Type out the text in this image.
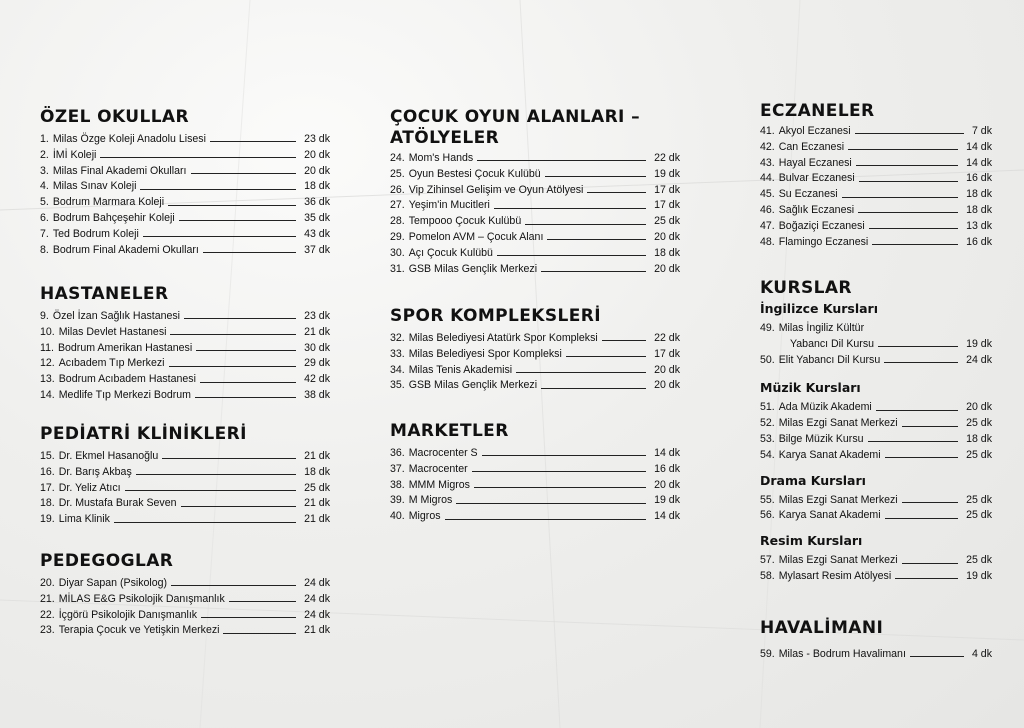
ÖZEL OKULLAR
1. Milas Özge Koleji Anadolu Lisesi	23 dk
2. İMİ Koleji	20 dk
3. Milas Final Akademi Okulları	20 dk
4. Milas Sınav Koleji	18 dk
5. Bodrum Marmara Koleji	36 dk
6. Bodrum Bahçeşehir Koleji	35 dk
7. Ted Bodrum Koleji	43 dk
8. Bodrum Final Akademi Okulları	37 dk
HASTANELER
9. Özel İzan Sağlık Hastanesi	23 dk
10. Milas Devlet Hastanesi	21 dk
11. Bodrum Amerikan Hastanesi	30 dk
12. Acıbadem Tıp Merkezi	29 dk
13. Bodrum Acıbadem Hastanesi	42 dk
14. Medlife Tıp Merkezi Bodrum	38 dk
PEDİATRİ KLİNİKLERİ
15. Dr. Ekmel Hasanoğlu	21 dk
16. Dr. Barış Akbaş	18 dk
17. Dr. Yeliz Atıcı	25 dk
18. Dr. Mustafa Burak Seven	21 dk
19. Lima Klinik	21 dk
PEDEGOGLAR
20. Diyar Sapan (Psikolog)	24 dk
21. MİLAS E&G Psikolojik Danışmanlık	24 dk
22. İçgörü Psikolojik Danışmanlık	24 dk
23. Terapia Çocuk ve Yetişkin Merkezi	21 dk
ÇOCUK OYUN ALANLARI –
ATÖLYELER
24. Mom's Hands	22 dk
25. Oyun Bestesi Çocuk Kulübü	19 dk
26. Vip Zihinsel Gelişim ve Oyun Atölyesi	17 dk
27. Yeşim'in Mucitleri	17 dk
28. Tempooo Çocuk Kulübü	25 dk
29. Pomelon AVM – Çocuk Alanı	20 dk
30. Açı Çocuk Kulübü	18 dk
31. GSB Milas Gençlik Merkezi	20 dk
SPOR KOMPLEKSLERİ
32. Milas Belediyesi Atatürk Spor Kompleksi	22 dk
33. Milas Belediyesi Spor Kompleksi	17 dk
34. Milas Tenis Akademisi	20 dk
35. GSB Milas Gençlik Merkezi	20 dk
MARKETLER
36. Macrocenter S	14 dk
37. Macrocenter	16 dk
38. MMM Migros	20 dk
39. M Migros	19 dk
40. Migros	14 dk
ECZANELER
41. Akyol Eczanesi	7 dk
42. Can Eczanesi	14 dk
43. Hayal Eczanesi	14 dk
44. Bulvar Eczanesi	16 dk
45. Su Eczanesi	18 dk
46. Sağlık Eczanesi	18 dk
47. Boğaziçi Eczanesi	13 dk
48. Flamingo Eczanesi	16 dk
KURSLAR
İngilizce Kursları
49. Milas İngiliz Kültür
Yabancı Dil Kursu	19 dk
50. Elit Yabancı Dil Kursu	24 dk
Müzik Kursları
51. Ada Müzik Akademi	20 dk
52. Milas Ezgi Sanat Merkezi	25 dk
53. Bilge Müzik Kursu	18 dk
54. Karya Sanat Akademi	25 dk
Drama Kursları
55. Milas Ezgi Sanat Merkezi	25 dk
56. Karya Sanat Akademi	25 dk
Resim Kursları
57. Milas Ezgi Sanat Merkezi	25 dk
58. Mylasart Resim Atölyesi	19 dk
HAVALİMANI
59. Milas - Bodrum Havalimanı	4 dk
